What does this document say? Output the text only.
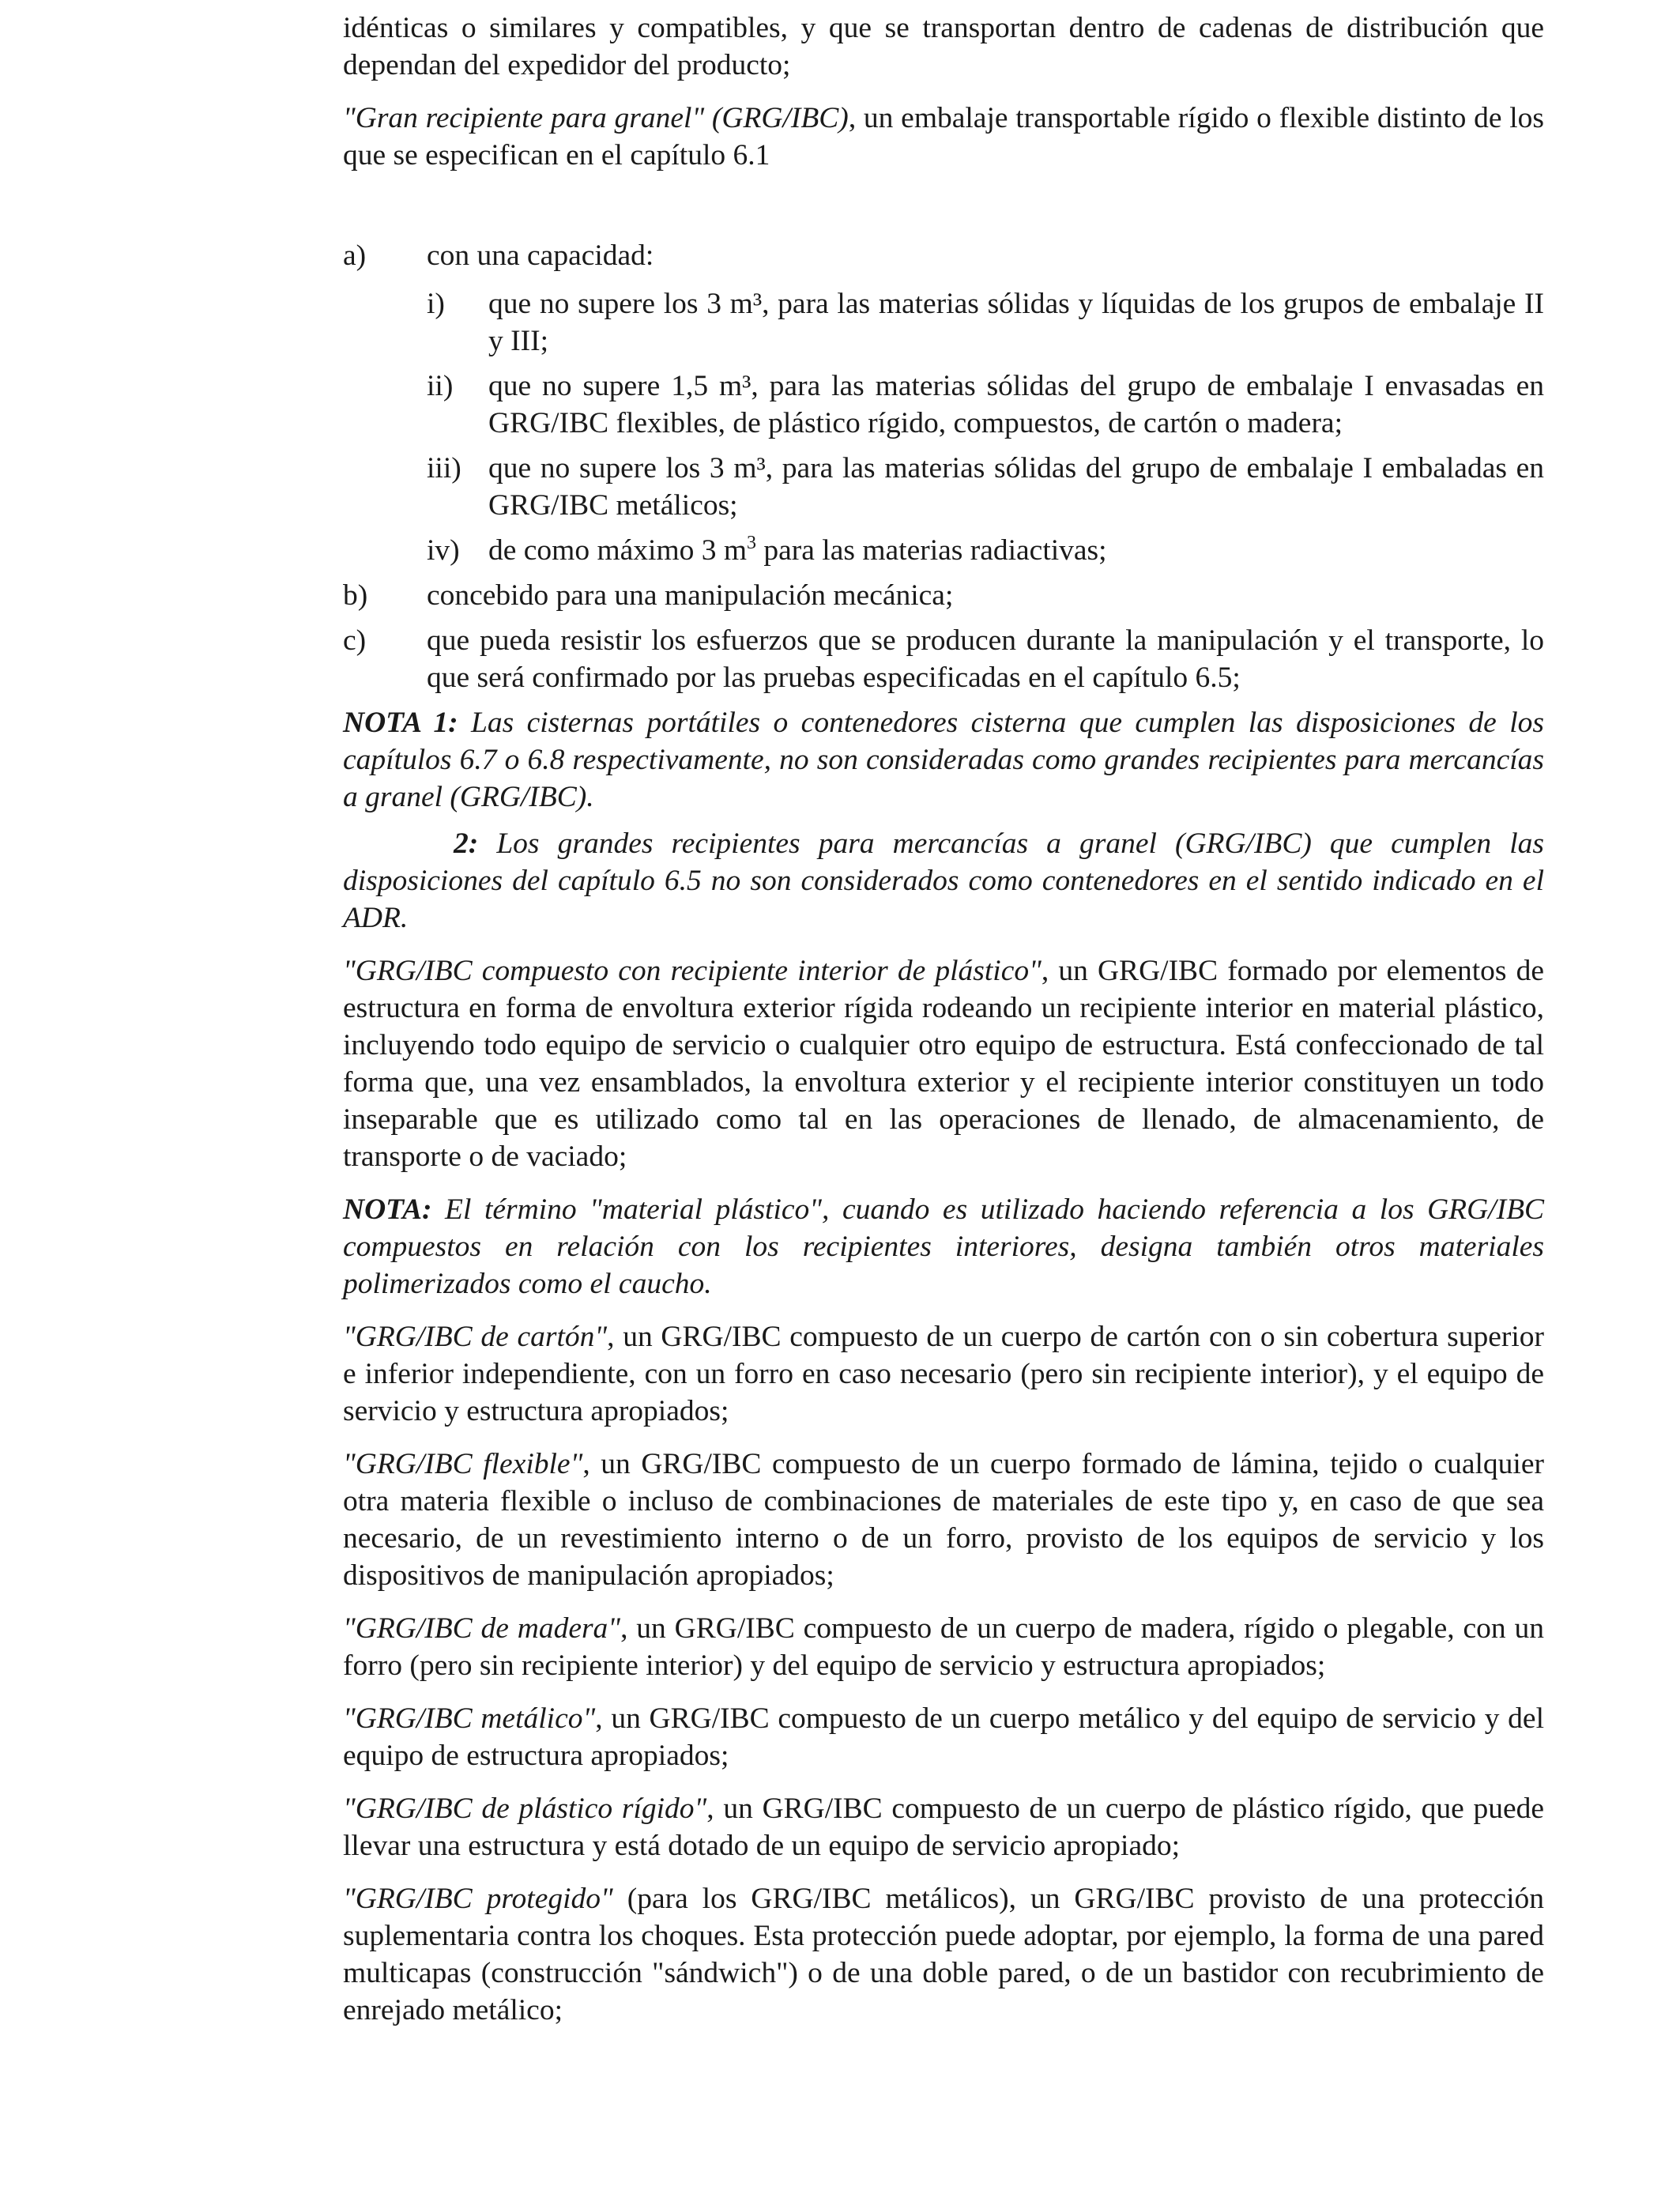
idénticas o similares y compatibles, y que se transportan dentro de cadenas de distribución que dependan del expedidor del producto;

"Gran recipiente para granel" (GRG/IBC), un embalaje transportable rígido o flexible distinto de los que se especifican en el capítulo 6.1

a)	con una capacidad:
i)	que no supere los 3 m³, para las materias sólidas y líquidas de los grupos de embalaje II y III;
ii)	que no supere 1,5 m³, para las materias sólidas del grupo de embalaje I envasadas en GRG/IBC flexibles, de plástico rígido, compuestos, de cartón o madera;
iii) que no supere los 3 m³, para las materias sólidas del grupo de embalaje I embaladas en GRG/IBC metálicos;
iv) de como máximo 3 $m^3$ para las materias radiactivas;
b)	concebido para una manipulación mecánica;
c)	que pueda resistir los esfuerzos que se producen durante la manipulación y el transporte, lo que será confirmado por las pruebas especificadas en el capítulo 6.5;

NOTA 1: Las cisternas portátiles o contenedores cisterna que cumplen las disposiciones de los capítulos 6.7 o 6.8 respectivamente, no son consideradas como grandes recipientes para mercancías a granel (GRG/IBC).

2: Los grandes recipientes para mercancías a granel (GRG/IBC) que cumplen las disposiciones del capítulo 6.5 no son considerados como contenedores en el sentido indicado en el ADR.

"GRG/IBC compuesto con recipiente interior de plástico", un GRG/IBC formado por elementos de estructura en forma de envoltura exterior rígida rodeando un recipiente interior en material plástico, incluyendo todo equipo de servicio o cualquier otro equipo de estructura. Está confeccionado de tal forma que, una vez ensamblados, la envoltura exterior y el recipiente interior constituyen un todo inseparable que es utilizado como tal en las operaciones de llenado, de almacenamiento, de transporte o de vaciado;

NOTA: El término "material plástico", cuando es utilizado haciendo referencia a los GRG/IBC compuestos en relación con los recipientes interiores, designa también otros materiales polimerizados como el caucho.

"GRG/IBC de cartón", un GRG/IBC compuesto de un cuerpo de cartón con o sin cobertura superior e inferior independiente, con un forro en caso necesario (pero sin recipiente interior), y el equipo de servicio y estructura apropiados;

"GRG/IBC flexible", un GRG/IBC compuesto de un cuerpo formado de lámina, tejido o cualquier otra materia flexible o incluso de combinaciones de materiales de este tipo y, en caso de que sea necesario, de un revestimiento interno o de un forro, provisto de los equipos de servicio y los dispositivos de manipulación apropiados;

"GRG/IBC de madera", un GRG/IBC compuesto de un cuerpo de madera, rígido o plegable, con un forro (pero sin recipiente interior) y del equipo de servicio y estructura apropiados;

"GRG/IBC metálico", un GRG/IBC compuesto de un cuerpo metálico y del equipo de servicio y del equipo de estructura apropiados;

"GRG/IBC de plástico rígido", un GRG/IBC compuesto de un cuerpo de plástico rígido, que puede llevar una estructura y está dotado de un equipo de servicio apropiado;

"GRG/IBC protegido" (para los GRG/IBC metálicos), un GRG/IBC provisto de una protección suplementaria contra los choques. Esta protección puede adoptar, por ejemplo, la forma de una pared multicapas (construcción "sándwich") o de una doble pared, o de un bastidor con recubrimiento de enrejado metálico;
